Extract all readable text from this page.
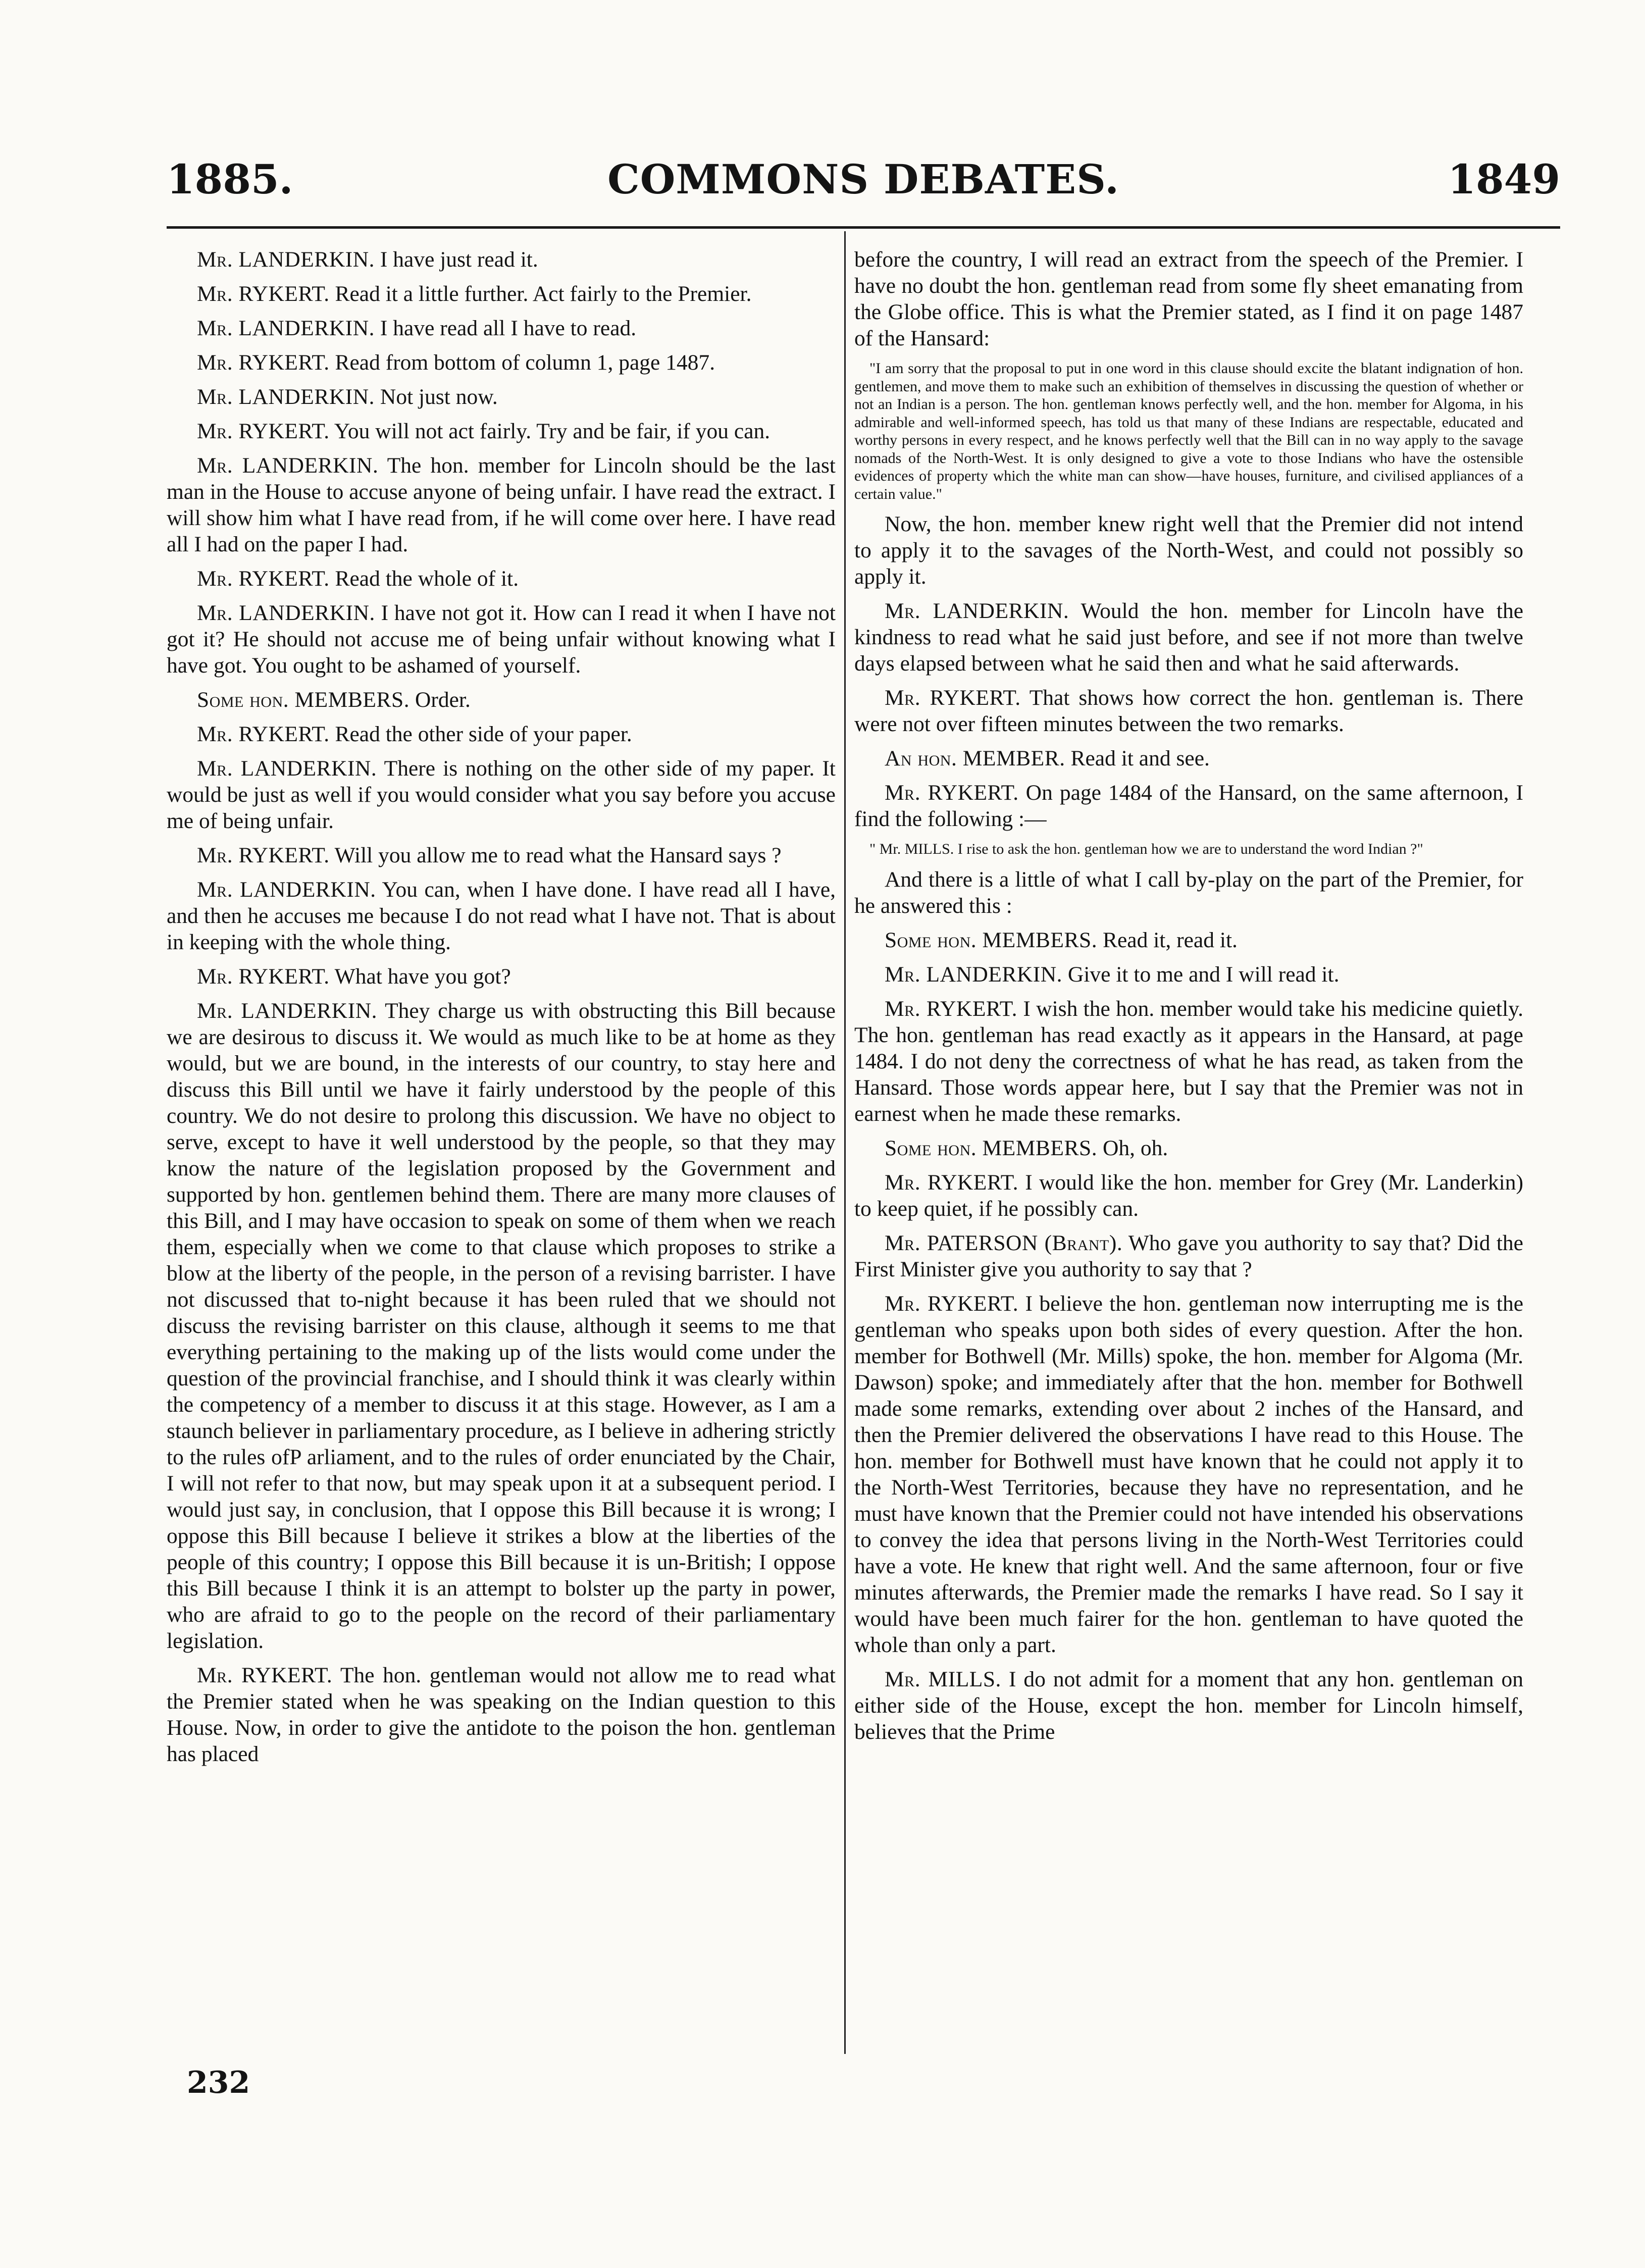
1885.	COMMONS DEBATES.	1849

Mr. LANDERKIN. I have just read it.

Mr. RYKERT. Read it a little further. Act fairly to the Premier.

Mr. LANDERKIN. I have read all I have to read.

Mr. RYKERT. Read from bottom of column 1, page 1487.

Mr. LANDERKIN. Not just now.

Mr. RYKERT. You will not act fairly. Try and be fair, if you can.

Mr. LANDERKIN. The hon. member for Lincoln should be the last man in the House to accuse anyone of being unfair. I have read the extract. I will show him what I have read from, if he will come over here. I have read all I had on the paper I had.

Mr. RYKERT. Read the whole of it.

Mr. LANDERKIN. I have not got it. How can I read it when I have not got it? He should not accuse me of being unfair without knowing what I have got. You ought to be ashamed of yourself.

Some hon. MEMBERS. Order.

Mr. RYKERT. Read the other side of your paper.

Mr. LANDERKIN. There is nothing on the other side of my paper. It would be just as well if you would consider what you say before you accuse me of being unfair.

Mr. RYKERT. Will you allow me to read what the Hansard says ?

Mr. LANDERKIN. You can, when I have done. I have read all I have, and then he accuses me because I do not read what I have not. That is about in keeping with the whole thing.

Mr. RYKERT. What have you got?

Mr. LANDERKIN. They charge us with obstructing this Bill because we are desirous to discuss it. We would as much like to be at home as they would, but we are bound, in the interests of our country, to stay here and discuss this Bill until we have it fairly understood by the people of this country. We do not desire to prolong this discussion. We have no object to serve, except to have it well understood by the people, so that they may know the nature of the legislation proposed by the Government and supported by hon. gentlemen behind them. There are many more clauses of this Bill, and I may have occasion to speak on some of them when we reach them, especially when we come to that clause which proposes to strike a blow at the liberty of the people, in the person of a revising barrister. I have not discussed that to-night because it has been ruled that we should not discuss the revising barrister on this clause, although it seems to me that everything pertaining to the making up of the lists would come under the question of the provincial franchise, and I should think it was clearly within the competency of a member to discuss it at this stage. However, as I am a staunch believer in parliamentary procedure, as I believe in adhering strictly to the rules ofP arliament, and to the rules of order enunciated by the Chair, I will not refer to that now, but may speak upon it at a subsequent period. I would just say, in conclusion, that I oppose this Bill because it is wrong; I oppose this Bill because I believe it strikes a blow at the liberties of the people of this country; I oppose this Bill because it is un-British; I oppose this Bill because I think it is an attempt to bolster up the party in power, who are afraid to go to the people on the record of their parliamentary legislation.

Mr. RYKERT. The hon. gentleman would not allow me to read what the Premier stated when he was speaking on the Indian question to this House. Now, in order to give the antidote to the poison the hon. gentleman has placed

before the country, I will read an extract from the speech of the Premier. I have no doubt the hon. gentleman read from some fly sheet emanating from the Globe office. This is what the Premier stated, as I find it on page 1487 of the Hansard:

"I am sorry that the proposal to put in one word in this clause should excite the blatant indignation of hon. gentlemen, and move them to make such an exhibition of themselves in discussing the question of whether or not an Indian is a person. The hon. gentleman knows perfectly well, and the hon. member for Algoma, in his admirable and well-informed speech, has told us that many of these Indians are respectable, educated and worthy persons in every respect, and he knows perfectly well that the Bill can in no way apply to the savage nomads of the North-West. It is only designed to give a vote to those Indians who have the ostensible evidences of property which the white man can show—have houses, furniture, and civilised appliances of a certain value."

Now, the hon. member knew right well that the Premier did not intend to apply it to the savages of the North-West, and could not possibly so apply it.

Mr. LANDERKIN. Would the hon. member for Lincoln have the kindness to read what he said just before, and see if not more than twelve days elapsed between what he said then and what he said afterwards.

Mr. RYKERT. That shows how correct the hon. gentleman is. There were not over fifteen minutes between the two remarks.

An hon. MEMBER. Read it and see.

Mr. RYKERT. On page 1484 of the Hansard, on the same afternoon, I find the following :—

" Mr. MILLS. I rise to ask the hon. gentleman how we are to understand the word Indian ?"

And there is a little of what I call by-play on the part of the Premier, for he answered this :

Some hon. MEMBERS. Read it, read it.

Mr. LANDERKIN. Give it to me and I will read it.

Mr. RYKERT. I wish the hon. member would take his medicine quietly. The hon. gentleman has read exactly as it appears in the Hansard, at page 1484. I do not deny the correctness of what he has read, as taken from the Hansard. Those words appear here, but I say that the Premier was not in earnest when he made these remarks.

Some hon. MEMBERS. Oh, oh.

Mr. RYKERT. I would like the hon. member for Grey (Mr. Landerkin) to keep quiet, if he possibly can.

Mr. PATERSON (Brant). Who gave you authority to say that? Did the First Minister give you authority to say that ?

Mr. RYKERT. I believe the hon. gentleman now interrupting me is the gentleman who speaks upon both sides of every question. After the hon. member for Bothwell (Mr. Mills) spoke, the hon. member for Algoma (Mr. Dawson) spoke; and immediately after that the hon. member for Bothwell made some remarks, extending over about 2 inches of the Hansard, and then the Premier delivered the observations I have read to this House. The hon. member for Bothwell must have known that he could not apply it to the North-West Territories, because they have no representation, and he must have known that the Premier could not have intended his observations to convey the idea that persons living in the North-West Territories could have a vote. He knew that right well. And the same afternoon, four or five minutes afterwards, the Premier made the remarks I have read. So I say it would have been much fairer for the hon. gentleman to have quoted the whole than only a part.

Mr. MILLS. I do not admit for a moment that any hon. gentleman on either side of the House, except the hon. member for Lincoln himself, believes that the Prime

232
